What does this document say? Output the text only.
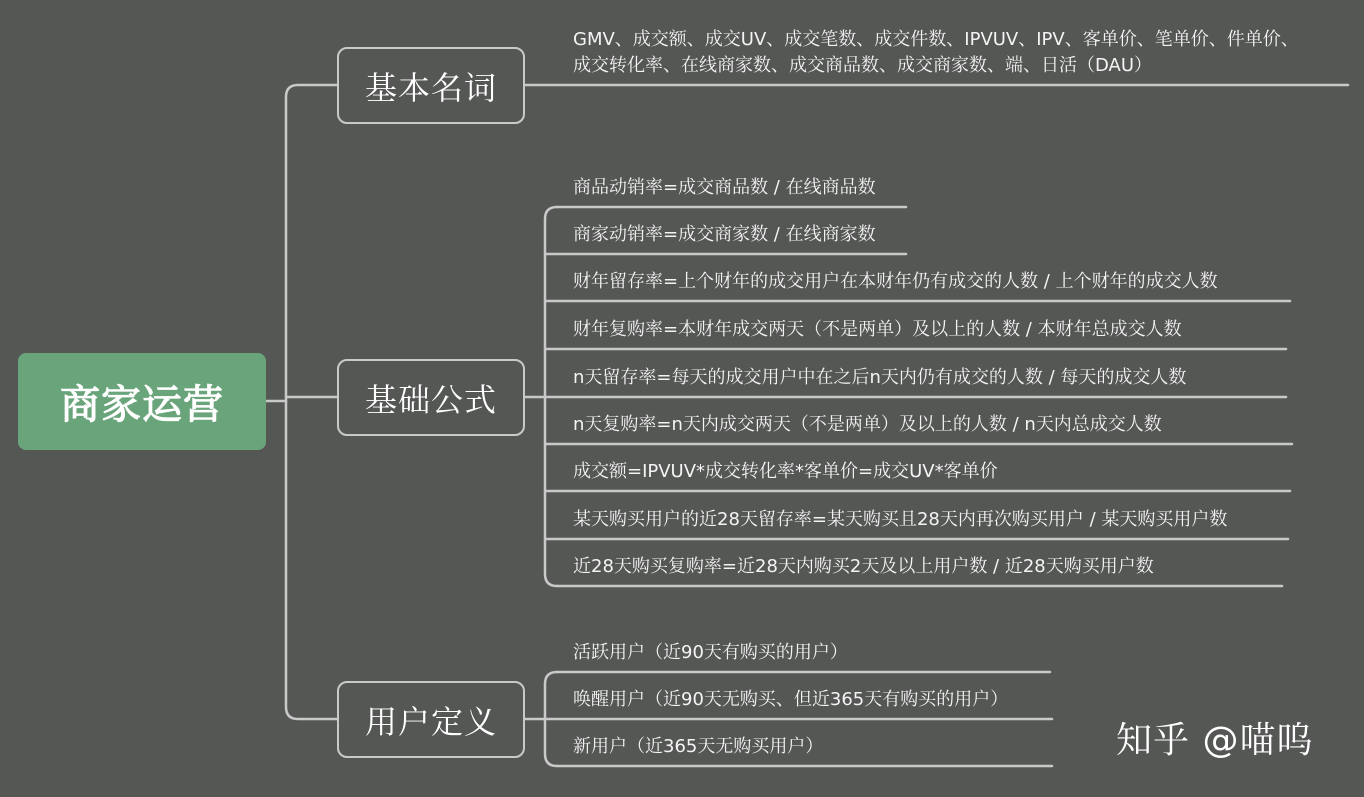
商家运营
基本名词
基础公式
用户定义
GMV、成交额、成交UV、成交笔数、成交件数、IPVUV、IPV、客单价、笔单价、件单价、
成交转化率、在线商家数、成交商品数、成交商家数、端、日活（DAU）
商品动销率=成交商品数 / 在线商品数
商家动销率=成交商家数 / 在线商家数
财年留存率=上个财年的成交用户在本财年仍有成交的人数 / 上个财年的成交人数
财年复购率=本财年成交两天（不是两单）及以上的人数 / 本财年总成交人数
n天留存率=每天的成交用户中在之后n天内仍有成交的人数 / 每天的成交人数
n天复购率=n天内成交两天（不是两单）及以上的人数 / n天内总成交人数
成交额=IPVUV*成交转化率*客单价=成交UV*客单价
某天购买用户的近28天留存率=某天购买且28天内再次购买用户 / 某天购买用户数
近28天购买复购率=近28天内购买2天及以上用户数 / 近28天购买用户数
活跃用户（近90天有购买的用户）
唤醒用户（近90天无购买、但近365天有购买的用户）
新用户（近365天无购买用户）	知乎 @喵呜
